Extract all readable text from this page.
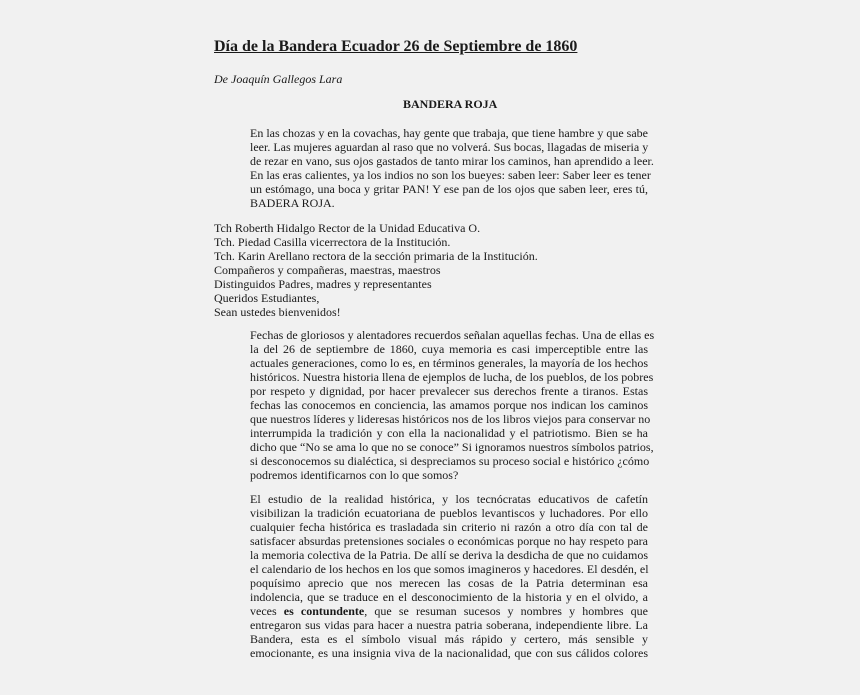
Día de la Bandera Ecuador 26 de Septiembre de 1860
De Joaquín Gallegos Lara
BANDERA ROJA
En las chozas y en la covachas, hay gente que trabaja, que tiene hambre y que sabe
leer. Las mujeres aguardan al raso que no volverá. Sus bocas, llagadas de miseria y
de rezar en vano, sus ojos gastados de tanto mirar los caminos, han aprendido a leer.
En las eras calientes, ya los indios no son los bueyes: saben leer: Saber leer es tener
un estómago, una boca y gritar PAN! Y ese pan de los ojos que saben leer, eres tú,
BADERA ROJA.
Tch Roberth Hidalgo Rector de la Unidad Educativa O.
Tch. Piedad Casilla vicerrectora de la Institución.
Tch. Karin Arellano rectora de la sección primaria de la Institución.
Compañeros y compañeras, maestras, maestros
Distinguidos Padres, madres y representantes
Queridos Estudiantes,
Sean ustedes bienvenidos!
Fechas de gloriosos y alentadores recuerdos señalan aquellas fechas. Una de ellas es
la del 26 de septiembre de 1860, cuya memoria es casi imperceptible entre las
actuales generaciones, como lo es, en términos generales, la mayoría de los hechos
históricos. Nuestra historia llena de ejemplos de lucha, de los pueblos, de los pobres
por respeto y dignidad, por hacer prevalecer sus derechos frente a tiranos. Estas
fechas las conocemos en conciencia, las amamos porque nos indican los caminos
que nuestros líderes y lideresas históricos nos de los libros viejos para conservar no
interrumpida la tradición y con ella la nacionalidad y el patriotismo. Bien se ha
dicho que “No se ama lo que no se conoce” Si ignoramos nuestros símbolos patrios,
si desconocemos su dialéctica, si despreciamos su proceso social e histórico ¿cómo
podremos identificarnos con lo que somos?
El estudio de la realidad histórica, y los tecnócratas educativos de cafetín
visibilizan la tradición ecuatoriana de pueblos levantiscos y luchadores. Por ello
cualquier fecha histórica es trasladada sin criterio ni razón a otro día con tal de
satisfacer absurdas pretensiones sociales o económicas porque no hay respeto para
la memoria colectiva de la Patria. De allí se deriva la desdicha de que no cuidamos
el calendario de los hechos en los que somos imagineros y hacedores. El desdén, el
poquísimo aprecio que nos merecen las cosas de la Patria determinan esa
indolencia, que se traduce en el desconocimiento de la historia y en el olvido, a
veces es contundente, que se resuman sucesos y nombres y hombres que
entregaron sus vidas para hacer a nuestra patria soberana, independiente libre. La
Bandera, esta es el símbolo visual más rápido y certero, más sensible y
emocionante, es una insignia viva de la nacionalidad, que con sus cálidos colores
